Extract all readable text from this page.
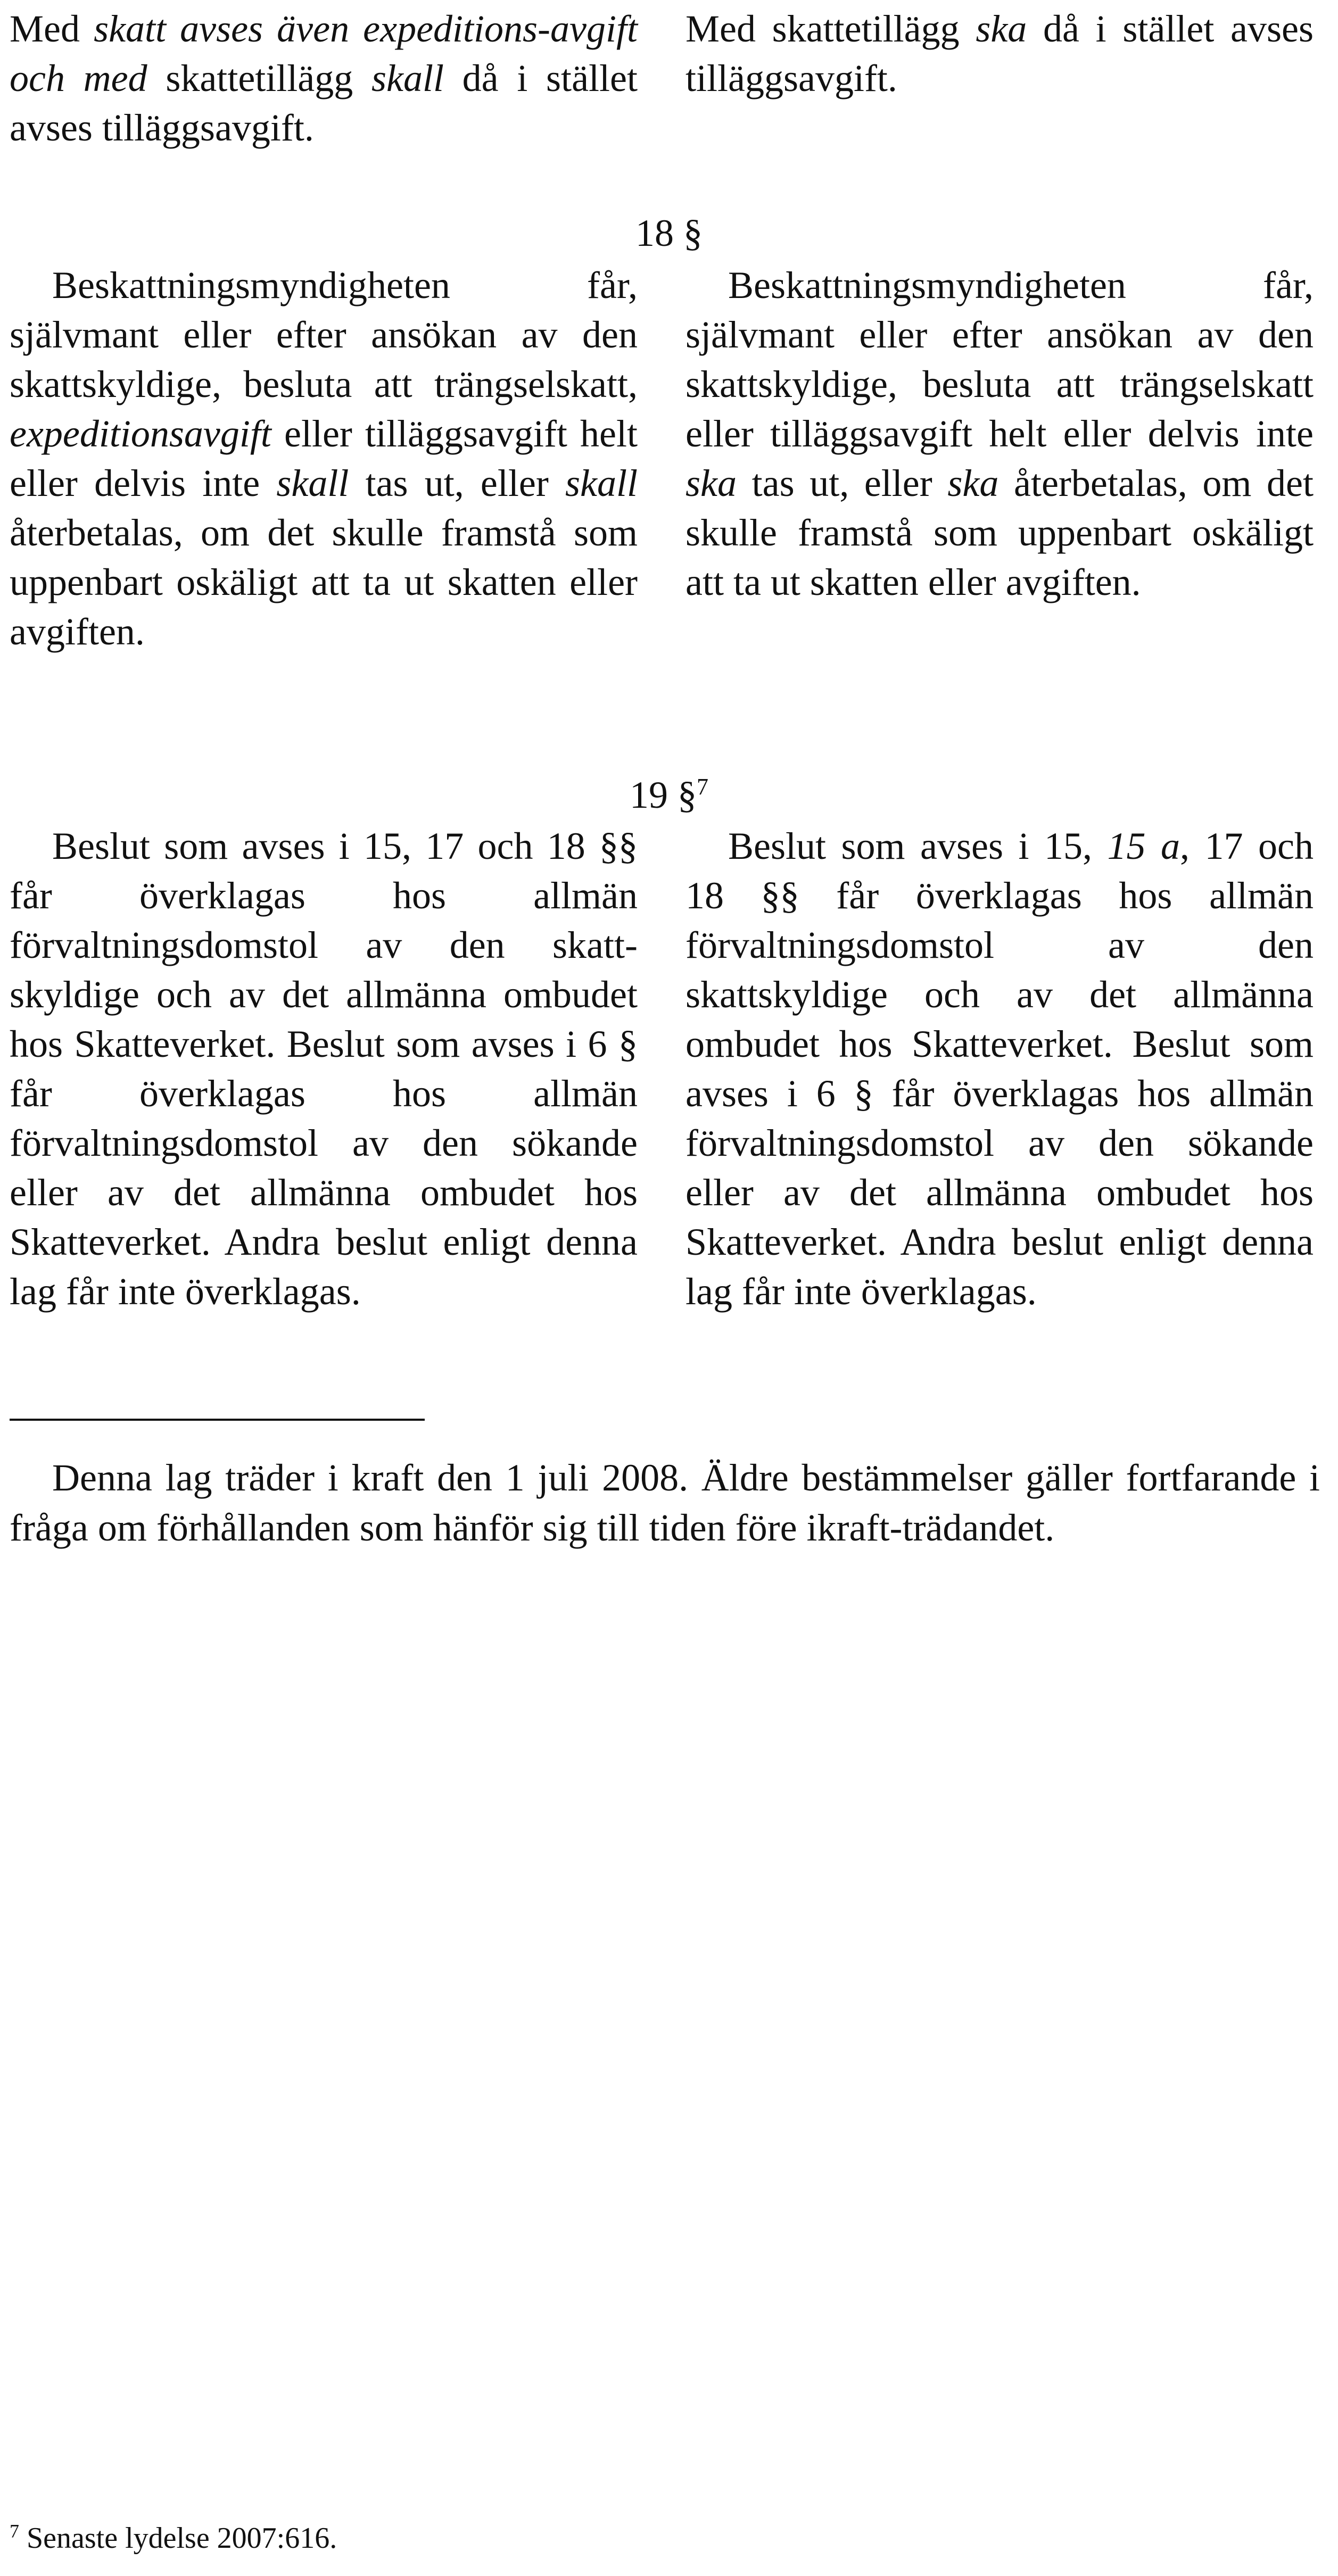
Med skatt avses även expeditions-avgift och med skattetillägg skall då i stället avses tilläggsavgift.
Med skattetillägg ska då i stället avses tilläggsavgift.
18 §
Beskattningsmyndigheten får, självmant eller efter ansökan av den skattskyldige, besluta att trängselskatt, expeditionsavgift eller tilläggsavgift helt eller delvis inte skall tas ut, eller skall återbetalas, om det skulle framstå som uppenbart oskäligt att ta ut skatten eller avgiften.
Beskattningsmyndigheten får, självmant eller efter ansökan av den skattskyldige, besluta att trängselskatt eller tilläggsavgift helt eller delvis inte ska tas ut, eller ska återbetalas, om det skulle framstå som uppenbart oskäligt att ta ut skatten eller avgiften.
19 §$^7$
Beslut som avses i 15, 17 och 18 §§ får överklagas hos allmän förvaltningsdomstol av den skatt-skyldige och av det allmänna ombudet hos Skatteverket. Beslut som avses i 6 § får överklagas hos allmän förvaltningsdomstol av den sökande eller av det allmänna ombudet hos Skatteverket. Andra beslut enligt denna lag får inte överklagas.
Beslut som avses i 15, 15 a, 17 och 18 §§ får överklagas hos allmän förvaltningsdomstol av den skattskyldige och av det allmänna ombudet hos Skatteverket. Beslut som avses i 6 § får överklagas hos allmän förvaltningsdomstol av den sökande eller av det allmänna ombudet hos Skatteverket. Andra beslut enligt denna lag får inte överklagas.
Denna lag träder i kraft den 1 juli 2008. Äldre bestämmelser gäller fortfarande i fråga om förhållanden som hänför sig till tiden före ikraft-trädandet.
$^7$ Senaste lydelse 2007:616.
